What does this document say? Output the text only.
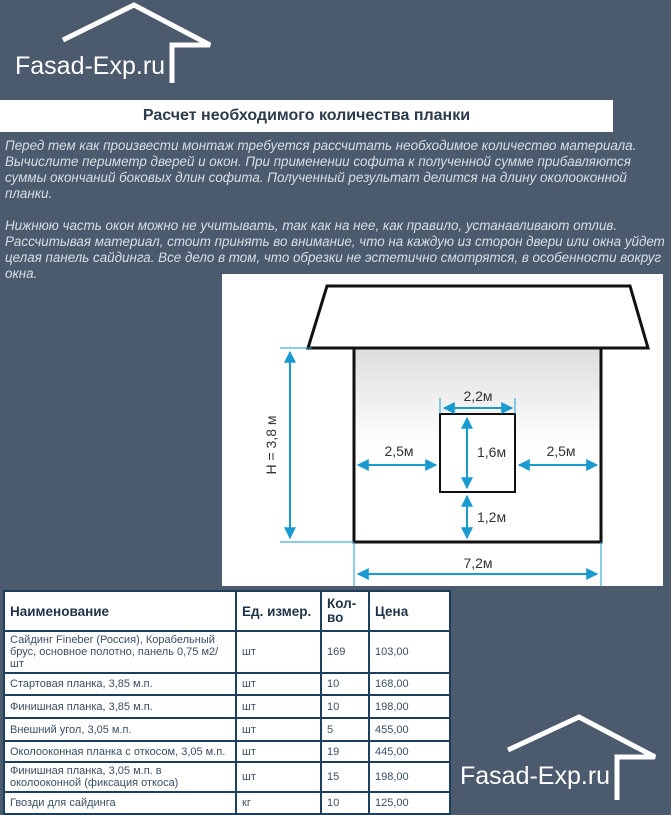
Fasad-Exp.ru
Расчет необходимого количества планки

Перед тем как произвести монтаж требуется рассчитать необходимое количество материала. Вычислите периметр дверей и окон. При применении софита к полученной сумме прибавляются суммы окончаний боковых длин софита. Полученный результат делится на длину околооконной планки.

Нижнюю часть окон можно не учитывать, так как на нее, как правило, устанавливают отлив. Рассчитывая материал, стоит принять во внимание, что на каждую из сторон двери или окна уйдет целая панель сайдинга. Все дело в том, что обрезки не эстетично смотрятся, в особенности вокруг окна.

H = 3,8 м
2,2м
1,6м
2,5м	2,5м
1,2м
7,2м
Наименование	Ед. измер.	Кол-во	Цена
Сайдинг Fineber (Россия), Корабельный брус, основное полотно, панель 0,75 м2/шт	шт	169	103,00
Стартовая планка, 3,85 м.п.	шт	10	168,00
Финишная планка, 3,85 м.п.	шт	10	198,00
Внешний угол, 3,05 м.п.	шт	5	455,00
Околооконная планка с откосом, 3,05 м.п.	шт	19	445,00
Финишная планка, 3,05 м.п. в околооконной (фиксация откоса)	шт	15	198,00
Гвозди для сайдинга	кг	10	125,00
Fasad-Exp.ru
